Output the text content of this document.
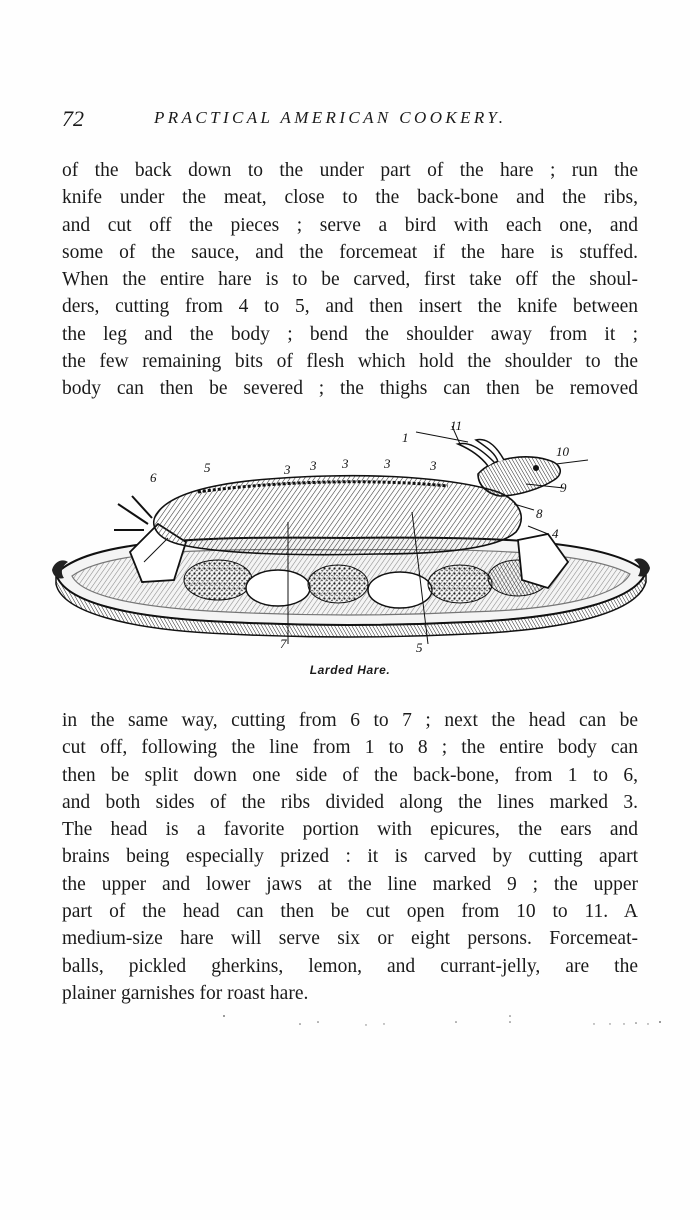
72	PRACTICAL AMERICAN COOKERY.
of the back down to the under part of the hare ; run the
knife under the meat, close to the back-bone and the ribs,
and cut off the pieces ; serve a bird with each one, and
some of the sauce, and the forcemeat if the hare is stuffed.
When the entire hare is to be carved, first take off the shoul-
ders, cutting from 4 to 5, and then insert the knife between
the leg and the body ; bend the shoulder away from it ;
the few remaining bits of flesh which hold the shoulder to the
body can then be severed ; the thighs can then be removed
1
11
10
9
8
4
6
5	3 3 3	3	3
7	5
Larded Hare.
in the same way, cutting from 6 to 7 ; next the head can be
cut off, following the line from 1 to 8 ; the entire body can
then be split down one side of the back-bone, from 1 to 6,
and both sides of the ribs divided along the lines marked 3.
The head is a favorite portion with epicures, the ears and
brains being especially prized : it is carved by cutting apart
the upper and lower jaws at the line marked 9 ; the upper
part of the head can then be cut open from 10 to 11. A
medium-size hare will serve six or eight persons. Forcemeat-
balls, pickled gherkins, lemon, and currant-jelly, are the
plainer garnishes for roast hare.
